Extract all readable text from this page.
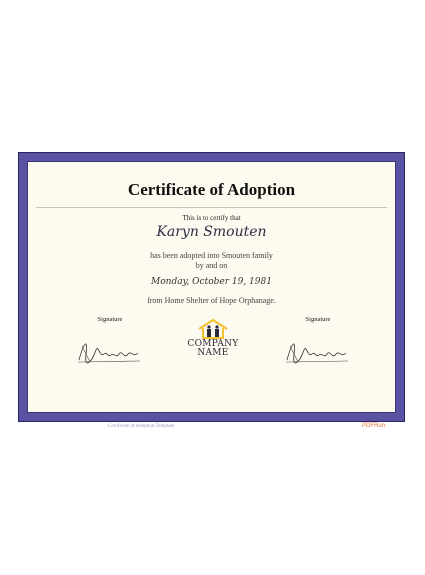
Certificate of Adoption
This is to certify that
Karyn Smouten
has been adopted into Smouten family
by and on
Monday, October 19, 1981
from Home Shelter of Hope Orphanage.
Signature	Signature
COMPANY
NAME
Certificate of Adoption Template	PDFRun
